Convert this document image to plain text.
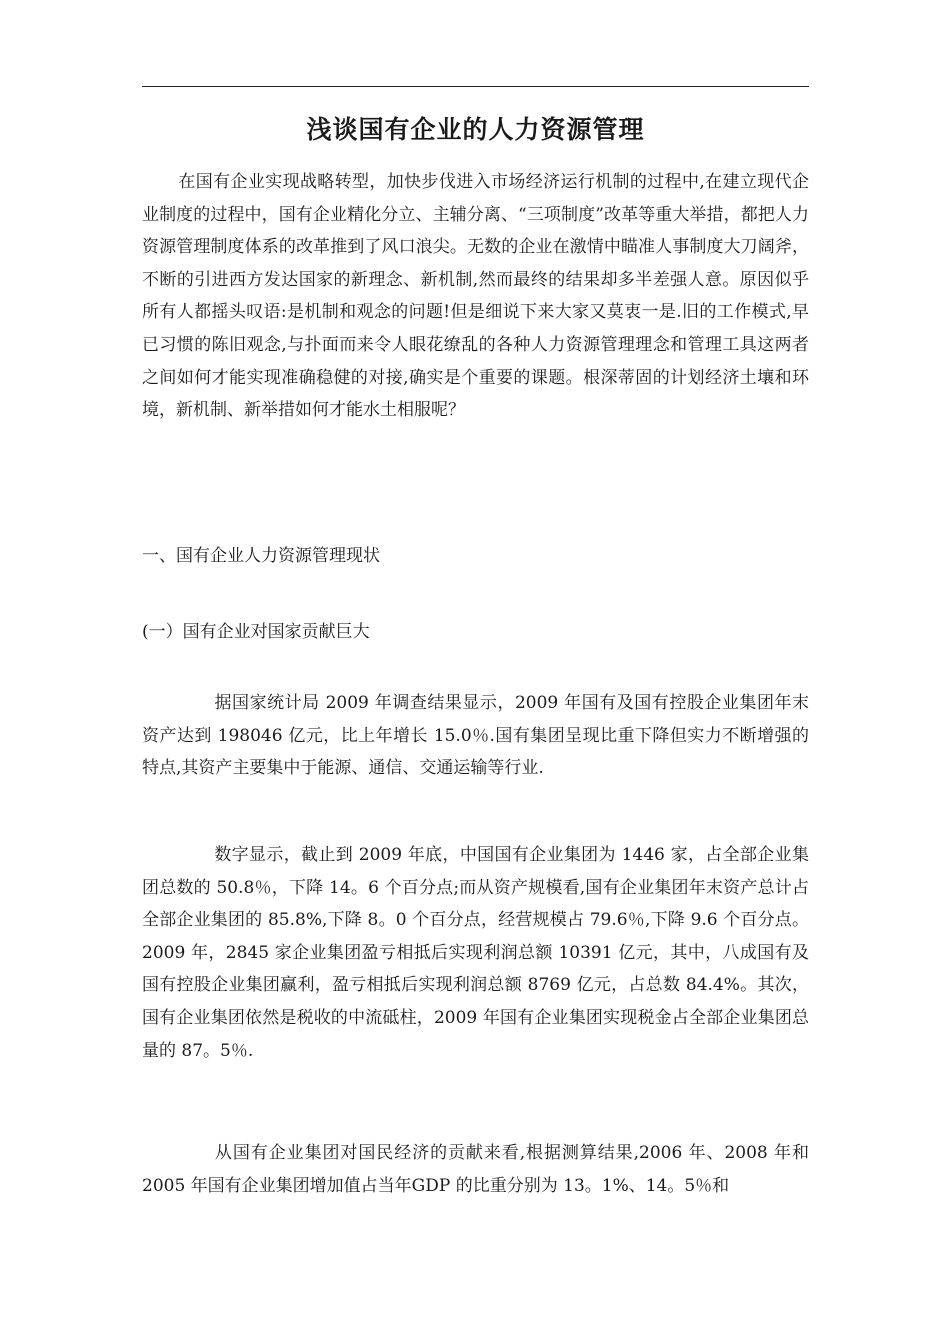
浅谈国有企业的人力资源管理

在国有企业实现战略转型，加快步伐进入市场经济运行机制的过程中,在建立现代企业制度的过程中，国有企业精化分立、主辅分离、“三项制度”改革等重大举措，都把人力资源管理制度体系的改革推到了风口浪尖。无数的企业在激情中瞄准人事制度大刀阔斧，不断的引进西方发达国家的新理念、新机制,然而最终的结果却多半差强人意。原因似乎所有人都摇头叹语:是机制和观念的问题!但是细说下来大家又莫衷一是.旧的工作模式,早已习惯的陈旧观念,与扑面而来令人眼花缭乱的各种人力资源管理理念和管理工具这两者之间如何才能实现准确稳健的对接,确实是个重要的课题。根深蒂固的计划经济土壤和环境，新机制、新举措如何才能水土相服呢？

一、国有企业人力资源管理现状

(一）国有企业对国家贡献巨大

据国家统计局 2009 年调查结果显示，2009 年国有及国有控股企业集团年末资产达到 198046 亿元，比上年增长 15.0％.国有集团呈现比重下降但实力不断增强的特点,其资产主要集中于能源、通信、交通运输等行业.

数字显示，截止到 2009 年底，中国国有企业集团为 1446 家，占全部企业集团总数的 50.8％，下降 14。6 个百分点;而从资产规模看,国有企业集团年末资产总计占全部企业集团的 85.8%,下降 8。0 个百分点，经营规模占 79.6％,下降 9.6 个百分点。2009 年，2845 家企业集团盈亏相抵后实现利润总额 10391 亿元，其中，八成国有及国有控股企业集团赢利，盈亏相抵后实现利润总额 8769 亿元，占总数 84.4%。其次，国有企业集团依然是税收的中流砥柱，2009 年国有企业集团实现税金占全部企业集团总量的 87。5％.

从国有企业集团对国民经济的贡献来看,根据测算结果,2006 年、2008 年和 2005 年国有企业集团增加值占当年GDP 的比重分别为 13。1%、14。5％和
